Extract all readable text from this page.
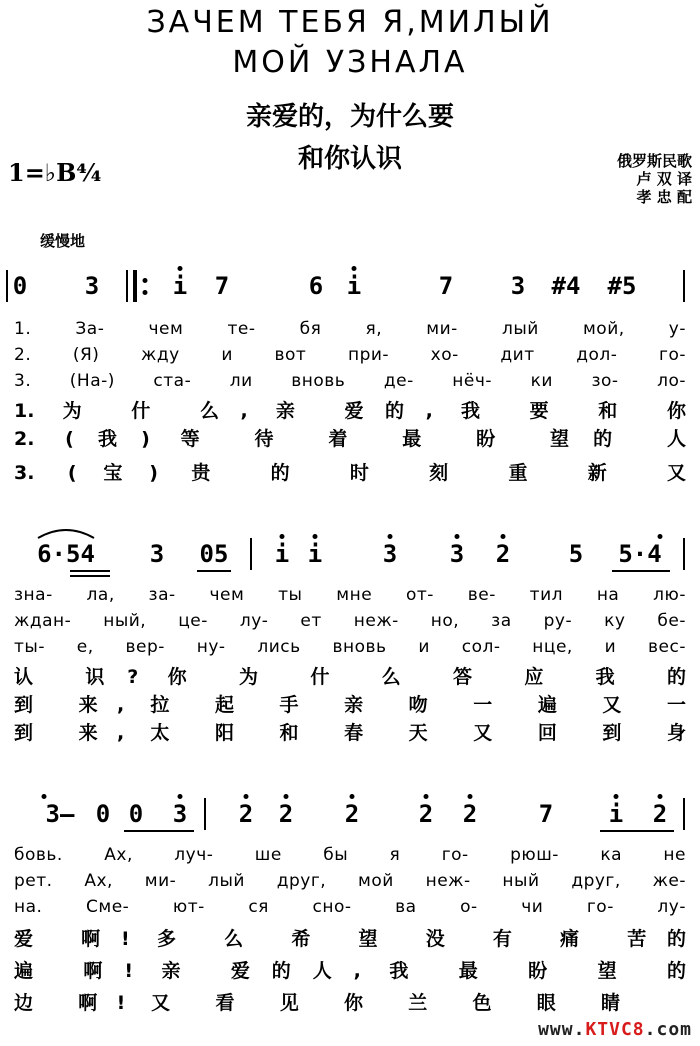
ЗАЧЕМ ТЕБЯ Я,МИЛЫЙ
МОЙ УЗНАЛА
亲爱的，为什么要
和你认识
1=♭B⁴⁄₄	俄罗斯民歌
卢 双 译
孝 忠 配
缓慢地
0 3	i 7	6 i	7 3 #4 #5
1. За- чем те- бя я, ми- лый мой, у-
2. (Я) жду и вот при- хо- дит дол- го-
3. (На-) ста- ли вновь де- нёч- ки зо- ло-
1. 为 什 么, 亲 爱的, 我 要 和 你
2. (我) 等 待 着 最 盼 望的 人
3. (宝) 贵 的 时 刻 重 新 又
6·54 3 05 i i	3 3 2 5 5·4
зна- ла, за- чем ты мне от- ве- тил на лю-
ждан- ный, це- лу- ет неж- но, за ру- ку бе-
ты- е, вер- ну- лись вновь и сол- нце, и вес-
认 识? 你 为 什 么 答 应 我 的
到 来, 拉 起 手 亲 吻 一 遍 又 一
到 来, 太 阳 和 春 天 又 回 到 身
3— 0 0 3 2 2 2 2 2	7 i 2
бовь. Ах, луч- ше бы я го- рюш- ка не
рет. Ах, ми- лый друг, мой неж- ный друг, же-
на. Сме- ют- ся сно- ва о- чи го- лу-
爱 啊! 多 么 希 望 没 有 痛 苦的
遍 啊! 亲 爱的人, 我 最 盼 望 的
边 啊! 又 看 见 你 兰 色 眼 睛
www.KTVC8.com
